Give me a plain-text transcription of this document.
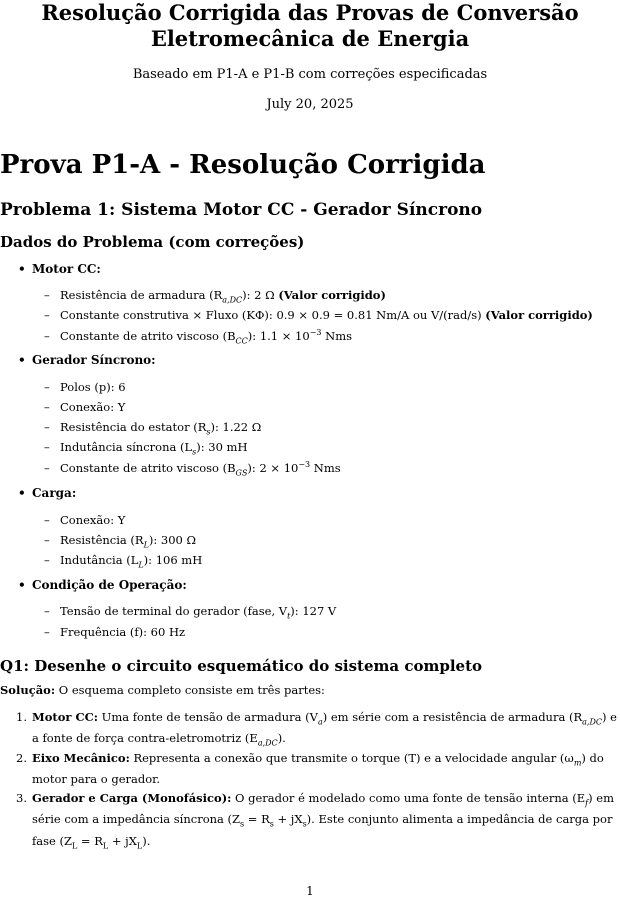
Resolução Corrigida das Provas de Conversão
Eletromecânica de Energia
Baseado em P1-A e P1-B com correções especificadas
July 20, 2025
Prova P1-A - Resolução Corrigida
Problema 1: Sistema Motor CC - Gerador Síncrono
Dados do Problema (com correções)
• Motor CC:
– Resistência de armadura $(R_{a,DC})$: 2 Ω (Valor corrigido)
– Constante construtiva × Fluxo (KΦ): 0.9 × 0.9 = 0.81 Nm/A ou V/(rad/s) (Valor corrigido)
– Constante de atrito viscoso $(B_{CC})$: $1.1 \times 10^{-3}$ Nms
• Gerador Síncrono:
– Polos (p): 6
– Conexão: Y
– Resistência do estator $(R_s)$: 1.22 Ω
– Indutância síncrona $(L_s)$: 30 mH
– Constante de atrito viscoso $(B_{GS})$: $2 \times 10^{-3}$ Nms
• Carga:
– Conexão: Y
– Resistência $(R_L)$: 300 Ω
– Indutância $(L_L)$: 106 mH
• Condição de Operação:
– Tensão de terminal do gerador (fase, $V_t$): 127 V
– Frequência (f): 60 Hz
Q1: Desenhe o circuito esquemático do sistema completo
Solução: O esquema completo consiste em três partes:
1. Motor CC: Uma fonte de tensão de armadura $(V_a)$ em série com a resistência de armadura $(R_{a,DC})$ e a fonte de força contra-eletromotriz $(E_{a,DC})$.
2. Eixo Mecânico: Representa a conexão que transmite o torque (T) e a velocidade angular $(\omega_m)$ do motor para o gerador.
3. Gerador e Carga (Monofásico): O gerador é modelado como uma fonte de tensão interna $(E_f)$ em série com a impedância síncrona $(Z_s = R_s + jX_s)$. Este conjunto alimenta a impedância de carga por fase $(Z_L = R_L + jX_L)$.
1
